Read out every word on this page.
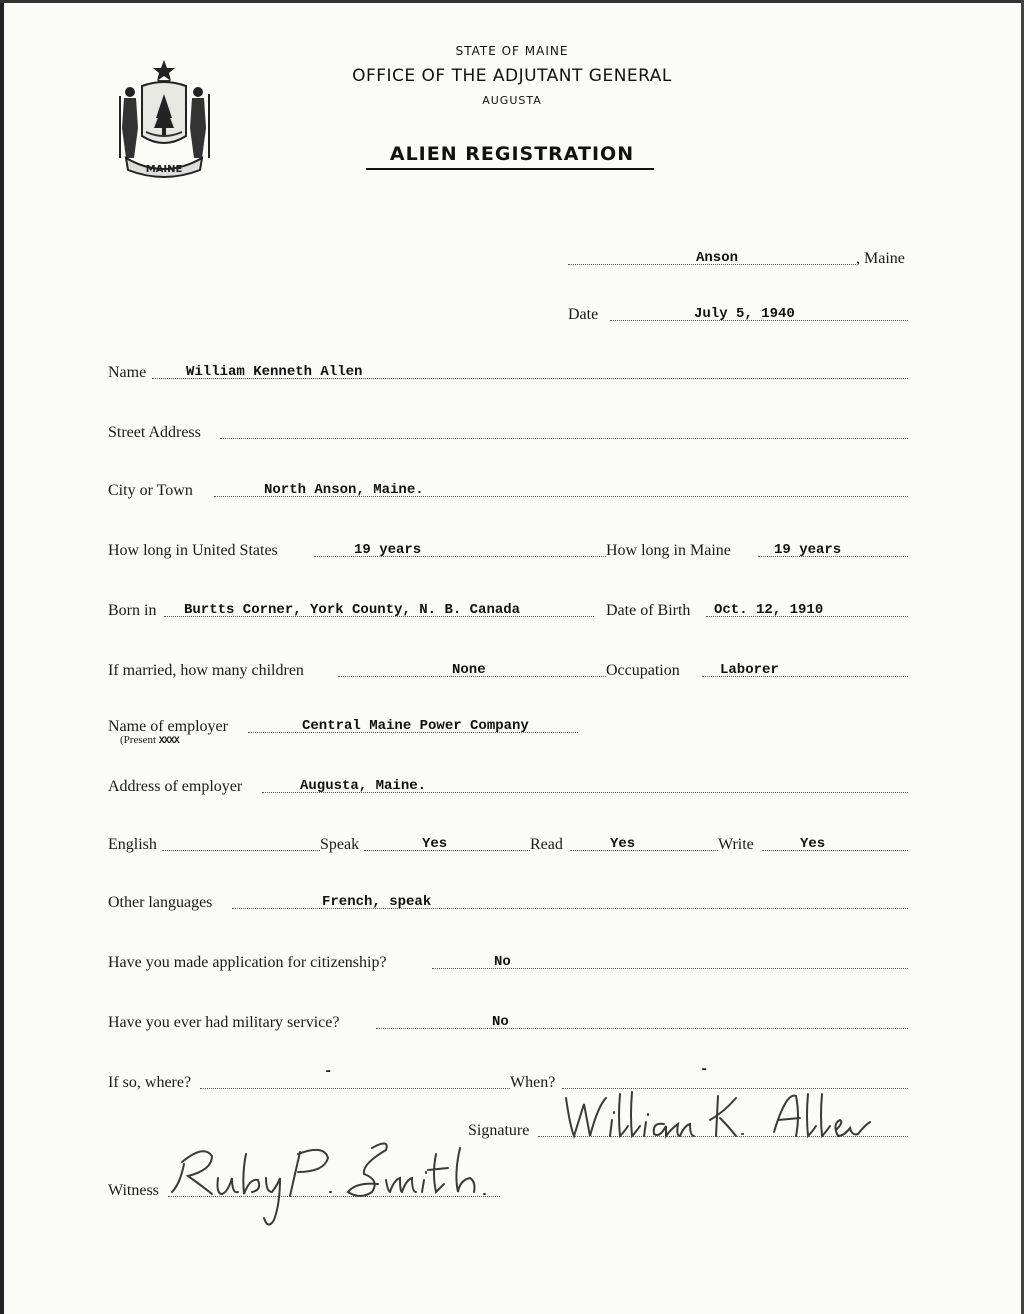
MAINE
STATE OF MAINE
OFFICE OF THE ADJUTANT GENERAL
AUGUSTA
ALIEN REGISTRATION
Anson	, Maine
Date	July 5, 1940
Name	William Kenneth Allen
Street Address
City or Town	North Anson, Maine.
How long in United States	19 years	How long in Maine	19 years
Born in Burtts Corner, York County, N. B. Canada	Date of Birth Oct. 12, 1910
If married, how many children	None	Occupation	Laborer
Name of employer	Central Maine Power Company
(Present XXXX
Address of employer	Augusta, Maine.
English	Speak	Yes	Read	Yes	Write	Yes
Other languages	French, speak
Have you made application for citizenship?	No
Have you ever had military service?	No
If so, where?
-
When?
-
Signature
Witness
